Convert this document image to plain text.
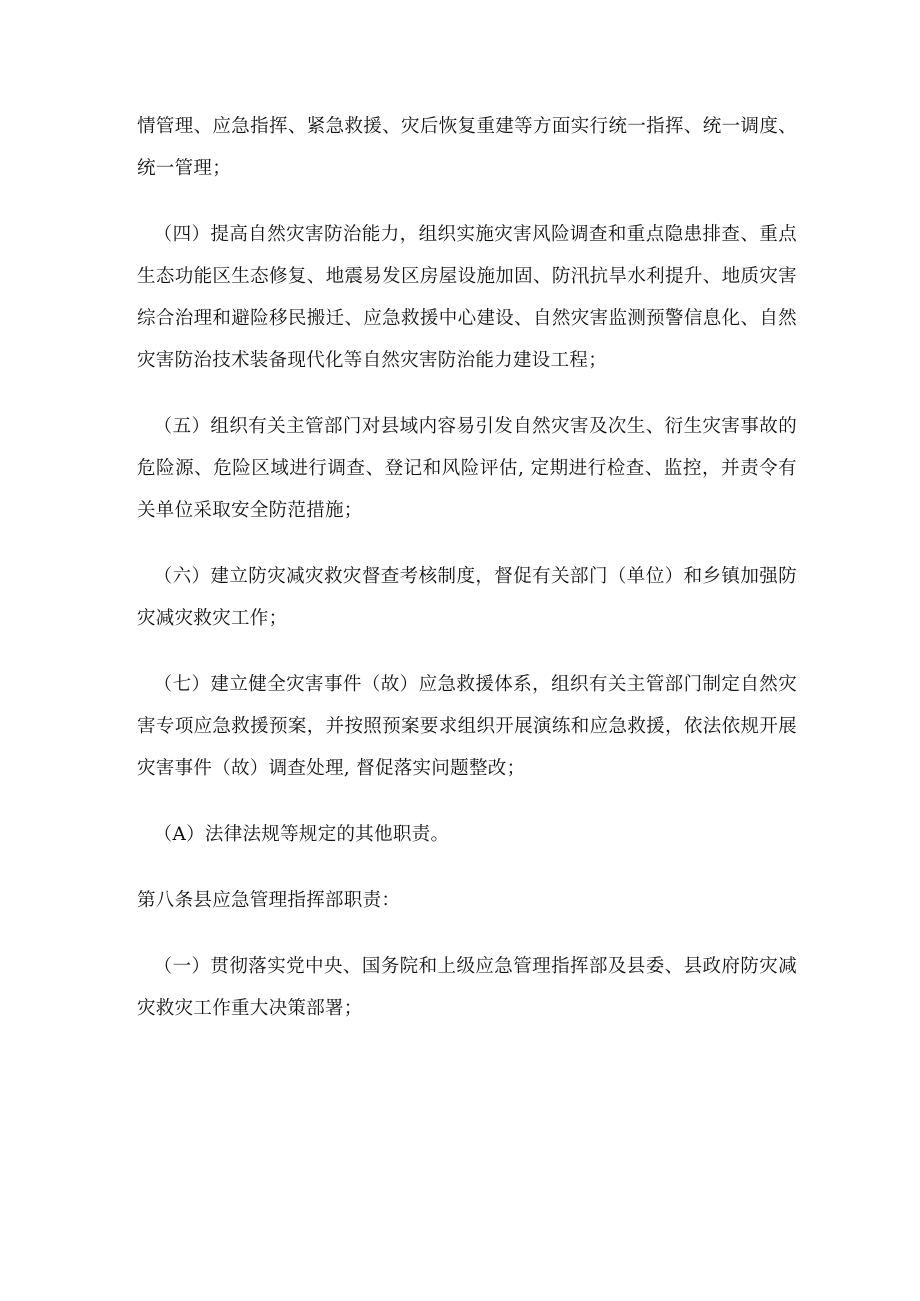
情管理、应急指挥、紧急救援、灾后恢复重建等方面实行统一指挥、统一调度、统一管理；

（四）提高自然灾害防治能力，组织实施灾害风险调查和重点隐患排查、重点生态功能区生态修复、地震易发区房屋设施加固、防汛抗旱水利提升、地质灾害综合治理和避险移民搬迁、应急救援中心建设、自然灾害监测预警信息化、自然灾害防治技术装备现代化等自然灾害防治能力建设工程；

（五）组织有关主管部门对县域内容易引发自然灾害及次生、衍生灾害事故的危险源、危险区域进行调查、登记和风险评估, 定期进行检查、监控，并责令有关单位采取安全防范措施；

（六）建立防灾减灾救灾督查考核制度，督促有关部门（单位）和乡镇加强防灾减灾救灾工作；

（七）建立健全灾害事件（故）应急救援体系，组织有关主管部门制定自然灾害专项应急救援预案，并按照预案要求组织开展演练和应急救援，依法依规开展灾害事件（故）调查处理, 督促落实问题整改；

（A）法律法规等规定的其他职责。

第八条县应急管理指挥部职责：

（一）贯彻落实党中央、国务院和上级应急管理指挥部及县委、县政府防灾减灾救灾工作重大决策部署；
